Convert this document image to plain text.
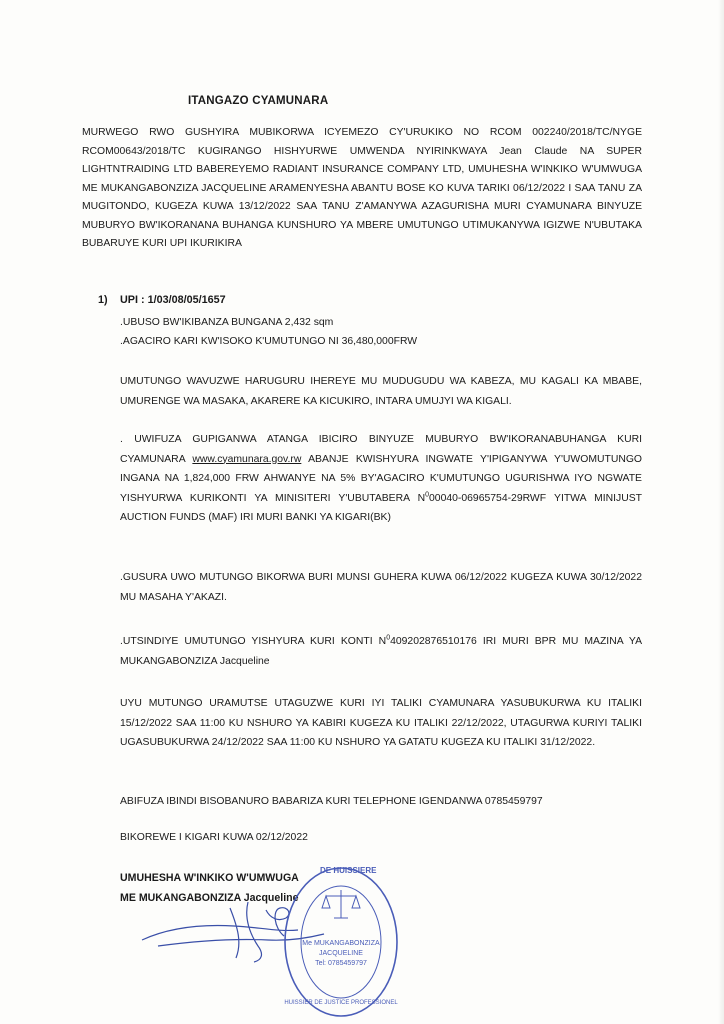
ITANGAZO CYAMUNARA
MURWEGO RWO GUSHYIRA MUBIKORWA ICYEMEZO CY'URUKIKO NO RCOM 002240/2018/TC/NYGE RCOM00643/2018/TC KUGIRANGO HISHYURWE UMWENDA NYIRINKWAYA Jean Claude NA SUPER LIGHTNTRAIDING LTD BABEREYEMO RADIANT INSURANCE COMPANY LTD, UMUHESHA W'INKIKO W'UMWUGA ME MUKANGABONZIZA JACQUELINE ARAMENYESHA ABANTU BOSE KO KUVA TARIKI 06/12/2022 I SAA TANU ZA MUGITONDO, KUGEZA KUWA 13/12/2022 SAA TANU Z'AMANYWA AZAGURISHA MURI CYAMUNARA BINYUZE MUBURYO BW'IKORANANA BUHANGA KUNSHURO YA MBERE UMUTUNGO UTIMUKANYWA IGIZWE N'UBUTAKA BUBARUYE KURI UPI IKURIKIRA
1) UPI : 1/03/08/05/1657
.UBUSO BW'IKIBANZA BUNGANA 2,432 sqm
.AGACIRO KARI KW'ISOKO K'UMUTUNGO NI 36,480,000FRW
UMUTUNGO WAVUZWE HARUGURU IHEREYE MU MUDUGUDU WA KABEZA, MU KAGALI KA MBABE, UMURENGE WA MASAKA, AKARERE KA KICUKIRO, INTARA UMUJYI WA KIGALI.
. UWIFUZA GUPIGANWA ATANGA IBICIRO BINYUZE MUBURYO BW'IKORANABUHANGA KURI CYAMUNARA www.cyamunara.gov.rw ABANJE KWISHYURA INGWATE Y'IPIGANYWA Y'UWOMUTUNGO INGANA NA 1,824,000 FRW AHWANYE NA 5% BY'AGACIRO K'UMUTUNGO UGURISHWA IYO NGWATE YISHYURWA KURIKONTI YA MINISITERI Y'UBUTABERA $N^000040-06965754-29RWF$ YITWA MINIJUST AUCTION FUNDS (MAF) IRI MURI BANKI YA KIGARI(BK)
.GUSURA UWO MUTUNGO BIKORWA BURI MUNSI GUHERA KUWA 06/12/2022 KUGEZA KUWA 30/12/2022 MU MASAHA Y'AKAZI.
.UTSINDIYE UMUTUNGO YISHYURA KURI KONTI $N^0409202876510176$ IRI MURI BPR MU MAZINA YA MUKANGABONZIZA Jacqueline
UYU MUTUNGO URAMUTSE UTAGUZWE KURI IYI TALIKI CYAMUNARA YASUBUKURWA KU ITALIKI 15/12/2022 SAA 11:00 KU NSHURO YA KABIRI KUGEZA KU ITALIKI 22/12/2022, UTAGURWA KURIYI TALIKI UGASUBUKURWA 24/12/2022 SAA 11:00 KU NSHURO YA GATATU KUGEZA KU ITALIKI 31/12/2022.
ABIFUZA IBINDI BISOBANURO BABARIZA KURI TELEPHONE IGENDANWA 0785459797
BIKOREWE I KIGARI KUWA 02/12/2022
UMUHESHA W'INKIKO W'UMWUGA
ME MUKANGABONZIZA Jacqueline
DE HUISSIERE
Me MUKANGABONZIZA
JACQUELINE
Tel: 0785459797
HUISSIER DE JUSTICE PROFESSIONEL
